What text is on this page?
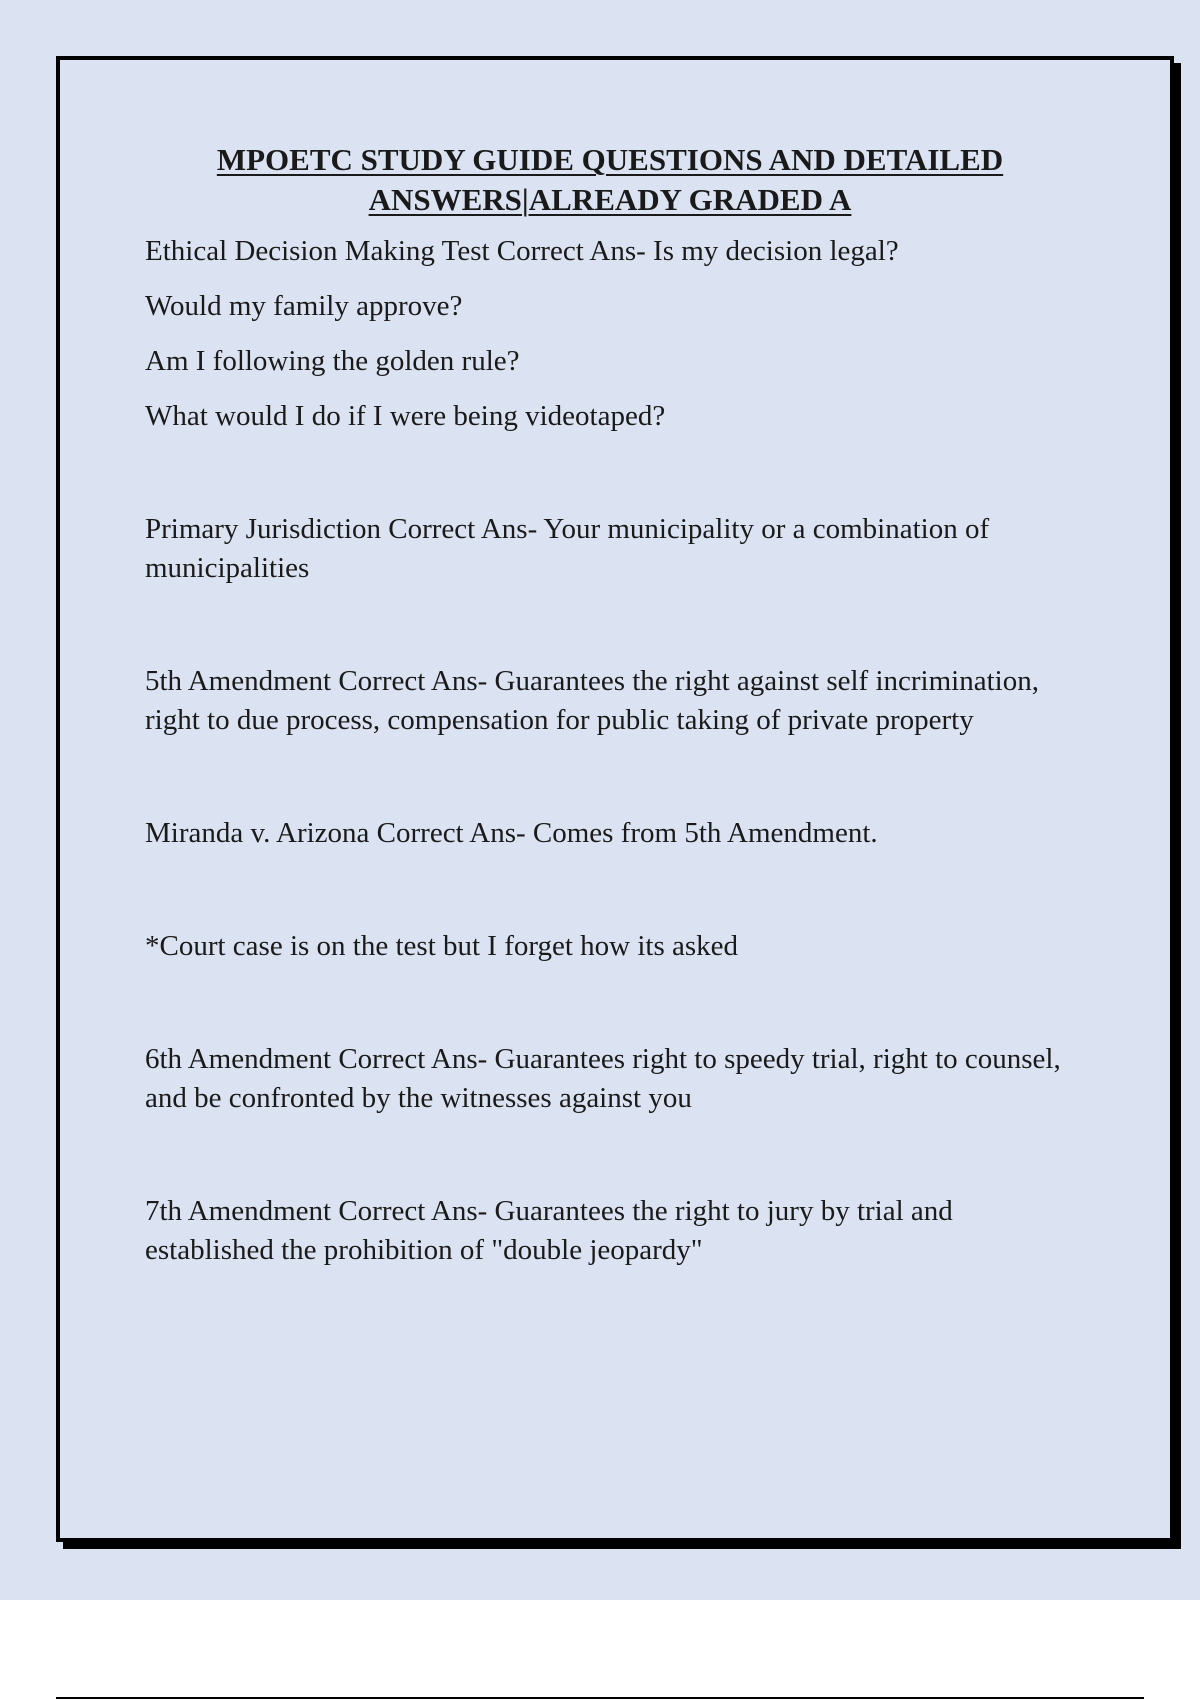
MPOETC STUDY GUIDE QUESTIONS AND DETAILED
ANSWERS|ALREADY GRADED A

Ethical Decision Making Test Correct Ans- Is my decision legal?

Would my family approve?

Am I following the golden rule?

What would I do if I were being videotaped?

Primary Jurisdiction Correct Ans- Your municipality or a combination of municipalities

5th Amendment Correct Ans- Guarantees the right against self incrimination, right to due process, compensation for public taking of private property

Miranda v. Arizona Correct Ans- Comes from 5th Amendment.

*Court case is on the test but I forget how its asked

6th Amendment Correct Ans- Guarantees right to speedy trial, right to counsel, and be confronted by the witnesses against you

7th Amendment Correct Ans- Guarantees the right to jury by trial and established the prohibition of "double jeopardy"
